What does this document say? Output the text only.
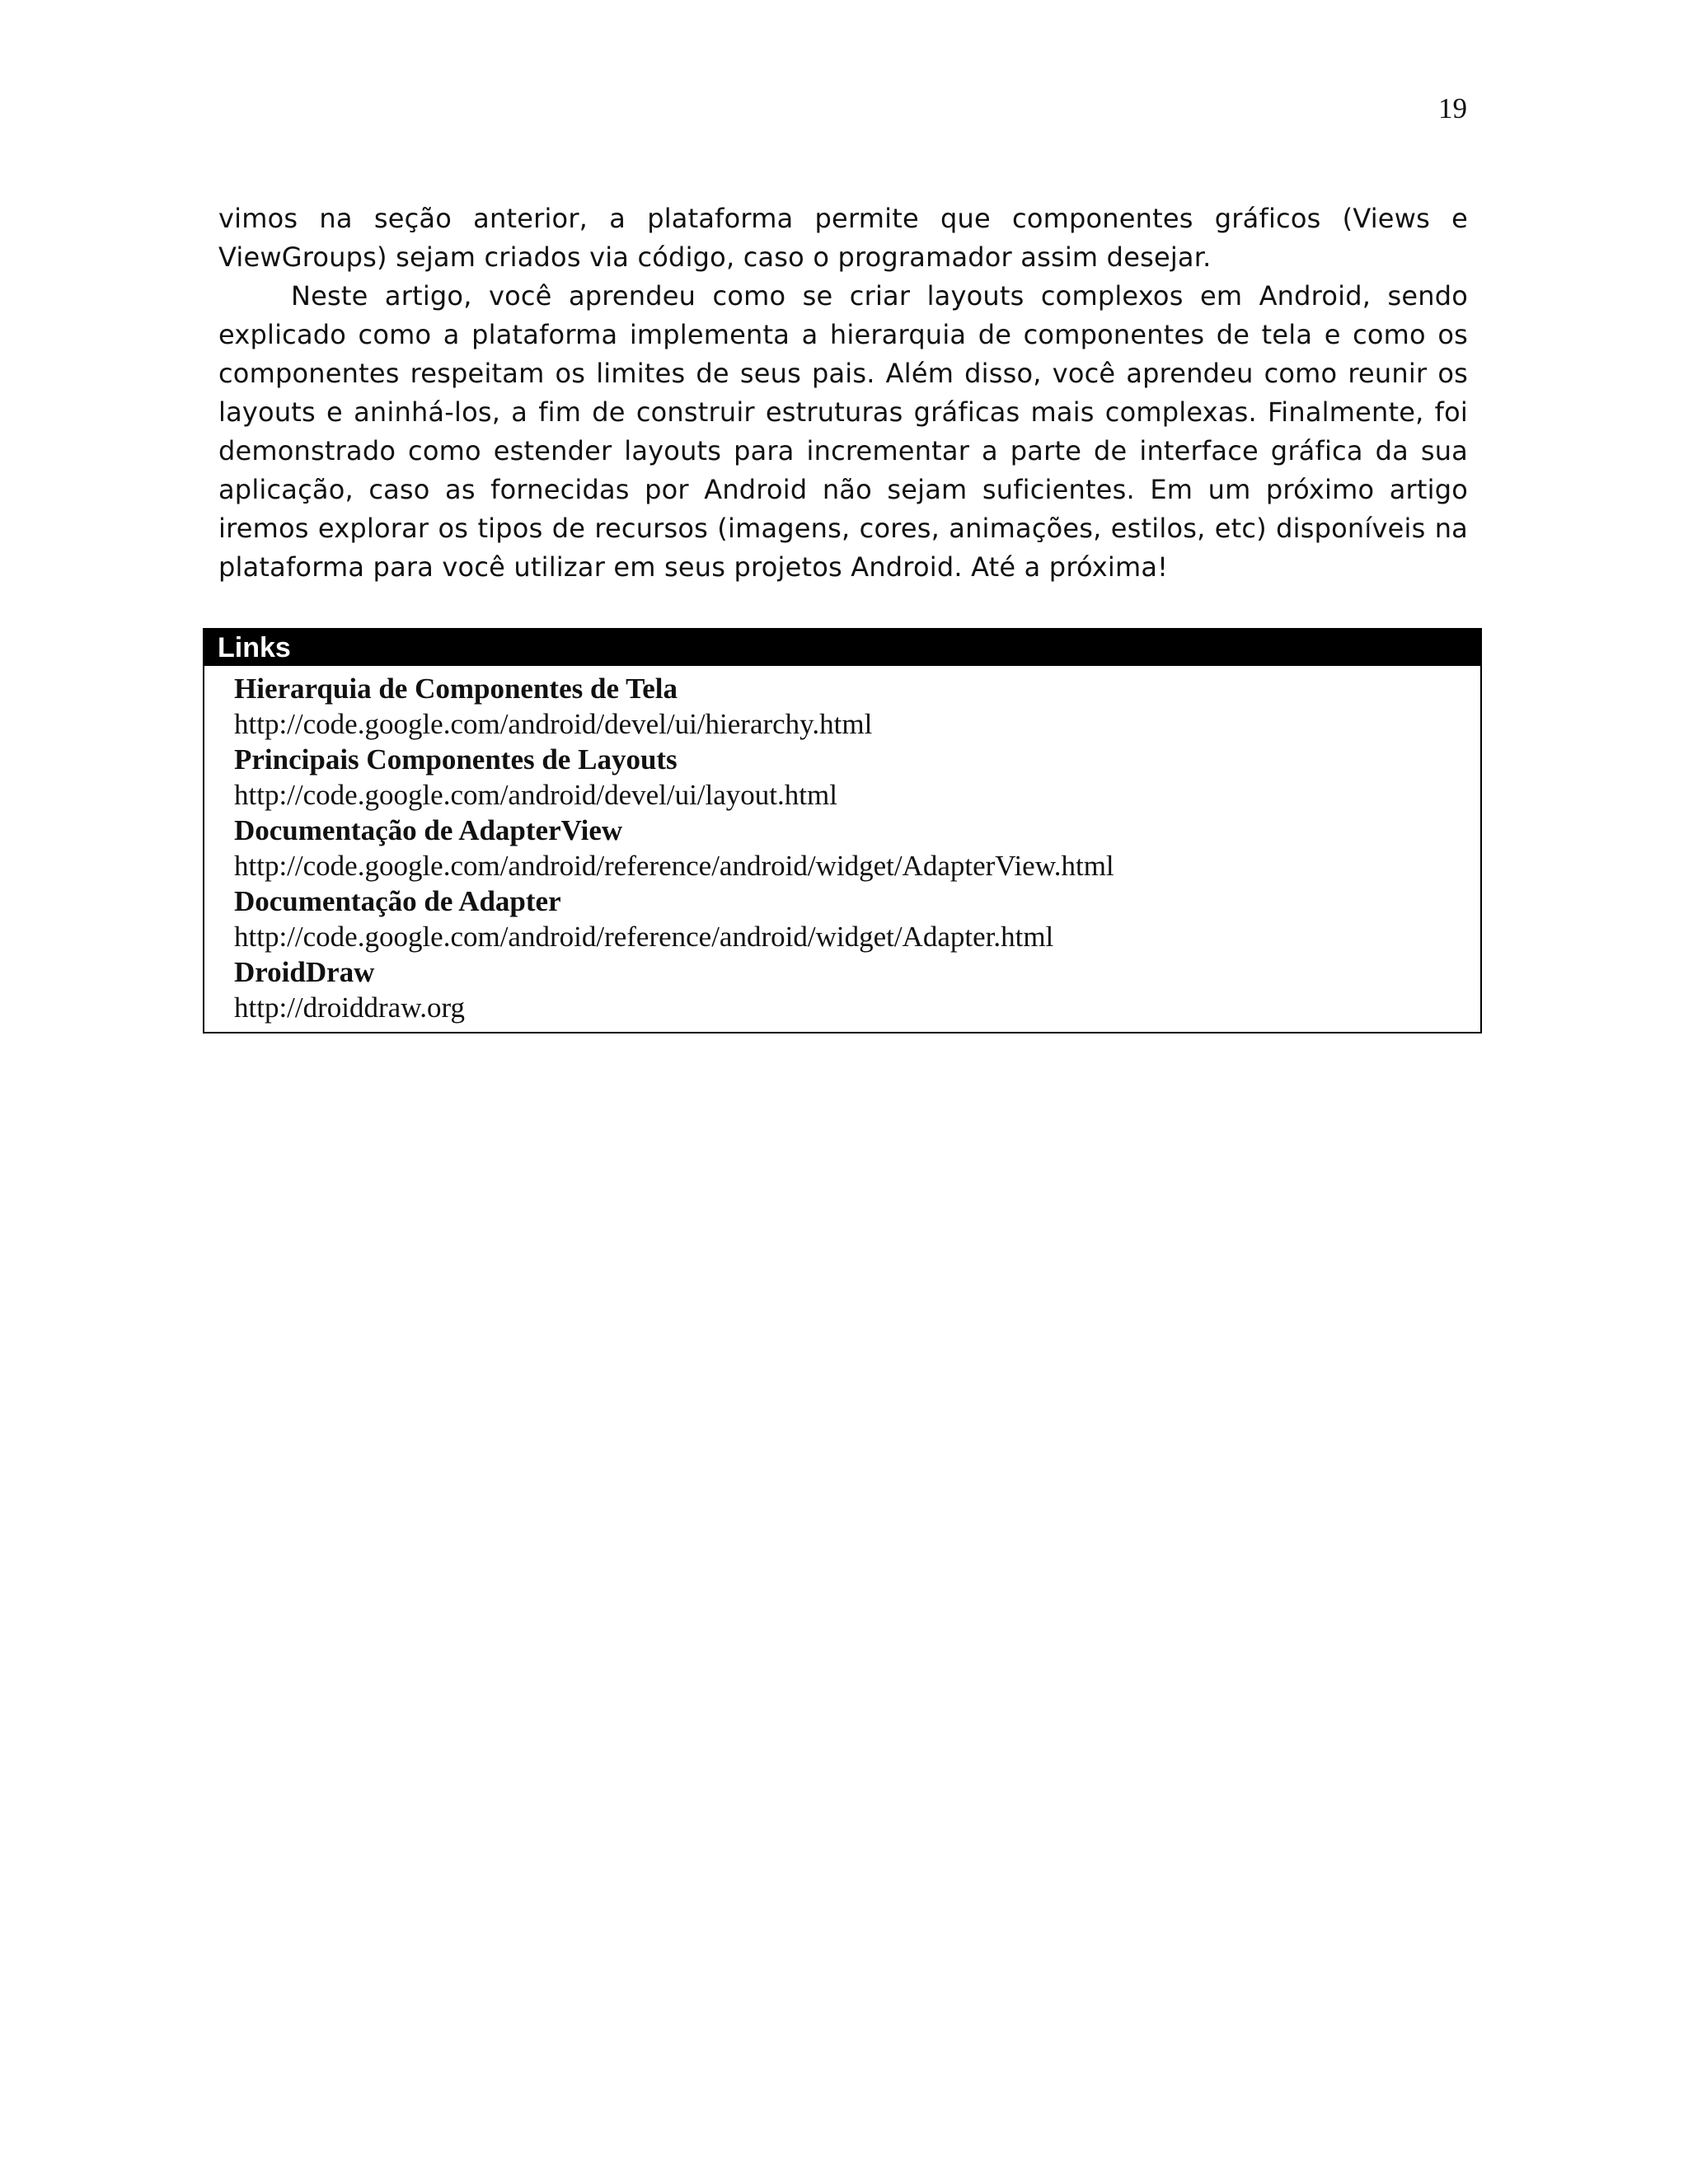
19

vimos na seção anterior, a plataforma permite que componentes gráficos (Views e ViewGroups) sejam criados via código, caso o programador assim desejar.

Neste artigo, você aprendeu como se criar layouts complexos em Android, sendo explicado como a plataforma implementa a hierarquia de componentes de tela e como os componentes respeitam os limites de seus pais. Além disso, você aprendeu como reunir os layouts e aninhá-los, a fim de construir estruturas gráficas mais complexas. Finalmente, foi demonstrado como estender layouts para incrementar a parte de interface gráfica da sua aplicação, caso as fornecidas por Android não sejam suficientes. Em um próximo artigo iremos explorar os tipos de recursos (imagens, cores, animações, estilos, etc) disponíveis na plataforma para você utilizar em seus projetos Android. Até a próxima!

Links
Hierarquia de Componentes de Tela
http://code.google.com/android/devel/ui/hierarchy.html
Principais Componentes de Layouts
http://code.google.com/android/devel/ui/layout.html
Documentação de AdapterView
http://code.google.com/android/reference/android/widget/AdapterView.html
Documentação de Adapter
http://code.google.com/android/reference/android/widget/Adapter.html
DroidDraw
http://droiddraw.org
